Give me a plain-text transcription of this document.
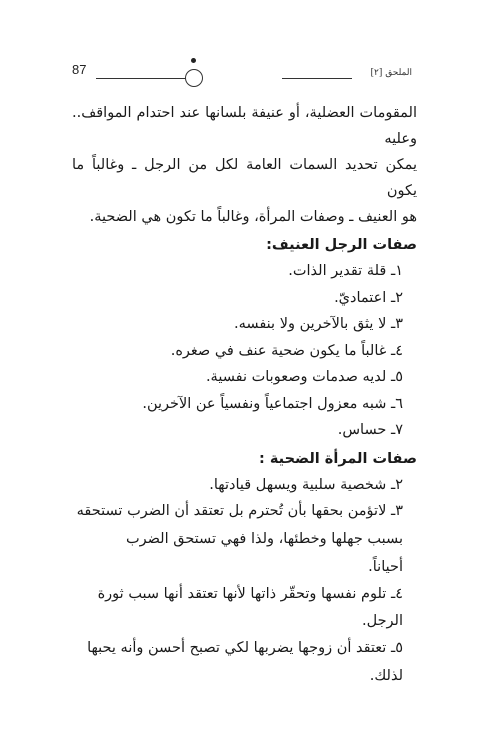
87	الملحق [٢]
المقومات العضلية، أو عنيفة بلسانها عند احتدام المواقف.. وعليه
يمكن تحديد السمات العامة لكل من الرجل ـ وغالباً ما يكون
هو العنيف ـ وصفات المرأة، وغالباً ما تكون هي الضحية.
صفات الرجل العنيف:
١ـ قلة تقدير الذات.
٢ـ اعتماديّ.
٣ـ لا يثق بالآخرين ولا بنفسه.
٤ـ غالباً ما يكون ضحية عنف في صغره.
٥ـ لديه صدمات وصعوبات نفسية.
٦ـ شبه معزول اجتماعياً ونفسياً عن الآخرين.
٧ـ حساس.
صفات المرأة الضحية :
٢ـ شخصية سلبية ويسهل قيادتها.
٣ـ لاتؤمن بحقها بأن تُحترم بل تعتقد أن الضرب تستحقه
بسبب جهلها وخطئها، ولذا فهي تستحق الضرب
أحياناً.
٤ـ تلوم نفسها وتحقّر ذاتها لأنها تعتقد أنها سبب ثورة
الرجل.
٥ـ تعتقد أن زوجها يضربها لكي تصبح أحسن وأنه يحبها
لذلك.
